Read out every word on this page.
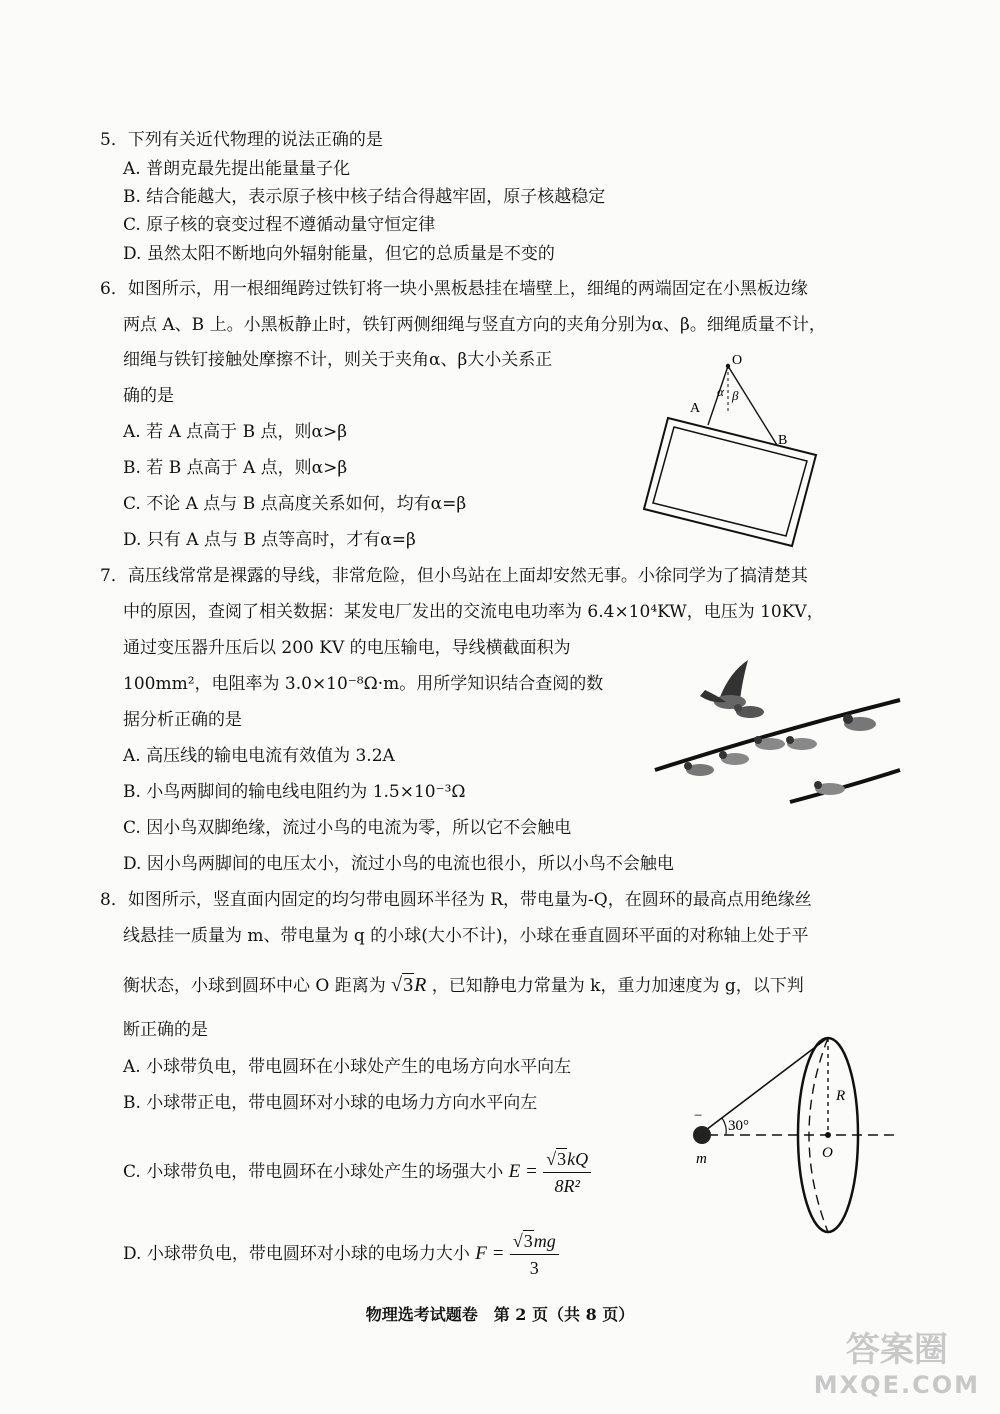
5．下列有关近代物理的说法正确的是
A. 普朗克最先提出能量量子化
B. 结合能越大，表示原子核中核子结合得越牢固，原子核越稳定
C. 原子核的衰变过程不遵循动量守恒定律
D. 虽然太阳不断地向外辐射能量，但它的总质量是不变的
6．如图所示，用一根细绳跨过铁钉将一块小黑板悬挂在墙壁上，细绳的两端固定在小黑板边缘
两点 A、B 上。小黑板静止时，铁钉两侧细绳与竖直方向的夹角分别为α、β。细绳质量不计，
细绳与铁钉接触处摩擦不计，则关于夹角α、β大小关系正
确的是
A. 若 A 点高于 B 点，则α>β
B. 若 B 点高于 A 点，则α>β
C. 不论 A 点与 B 点高度关系如何，均有α=β
D. 只有 A 点与 B 点等高时，才有α=β
O
α β
A
B
7．高压线常常是裸露的导线，非常危险，但小鸟站在上面却安然无事。小徐同学为了搞清楚其
中的原因，查阅了相关数据：某发电厂发出的交流电电功率为 6.4×10⁴KW，电压为 10KV，
通过变压器升压后以 200 KV 的电压输电，导线横截面积为
100mm²，电阻率为 3.0×10⁻⁸Ω·m。用所学知识结合查阅的数
据分析正确的是
A. 高压线的输电电流有效值为 3.2A
B. 小鸟两脚间的输电线电阻约为 1.5×10⁻³Ω
C. 因小鸟双脚绝缘，流过小鸟的电流为零，所以它不会触电
D. 因小鸟两脚间的电压太小，流过小鸟的电流也很小，所以小鸟不会触电
8．如图所示，竖直面内固定的均匀带电圆环半径为 R，带电量为-Q，在圆环的最高点用绝缘丝
线悬挂一质量为 m、带电量为 q 的小球(大小不计)，小球在垂直圆环平面的对称轴上处于平
衡状态，小球到圆环中心 O 距离为 √3R ，已知静电力常量为 k，重力加速度为 g，以下判
断正确的是
A. 小球带负电，带电圆环在小球处产生的电场方向水平向左
B. 小球带正电，带电圆环对小球的电场力方向水平向左
C. 小球带负电，带电圆环在小球处产生的场强大小 $E = \frac{√3kQ}{\text{8R²}}$
D. 小球带负电，带电圆环对小球的电场力大小 $F = \frac{√3mg}{3}$
−
30°
R
O
m
物理选考试题卷　第 2 页（共 8 页）
答案圈
MXQE.COM
